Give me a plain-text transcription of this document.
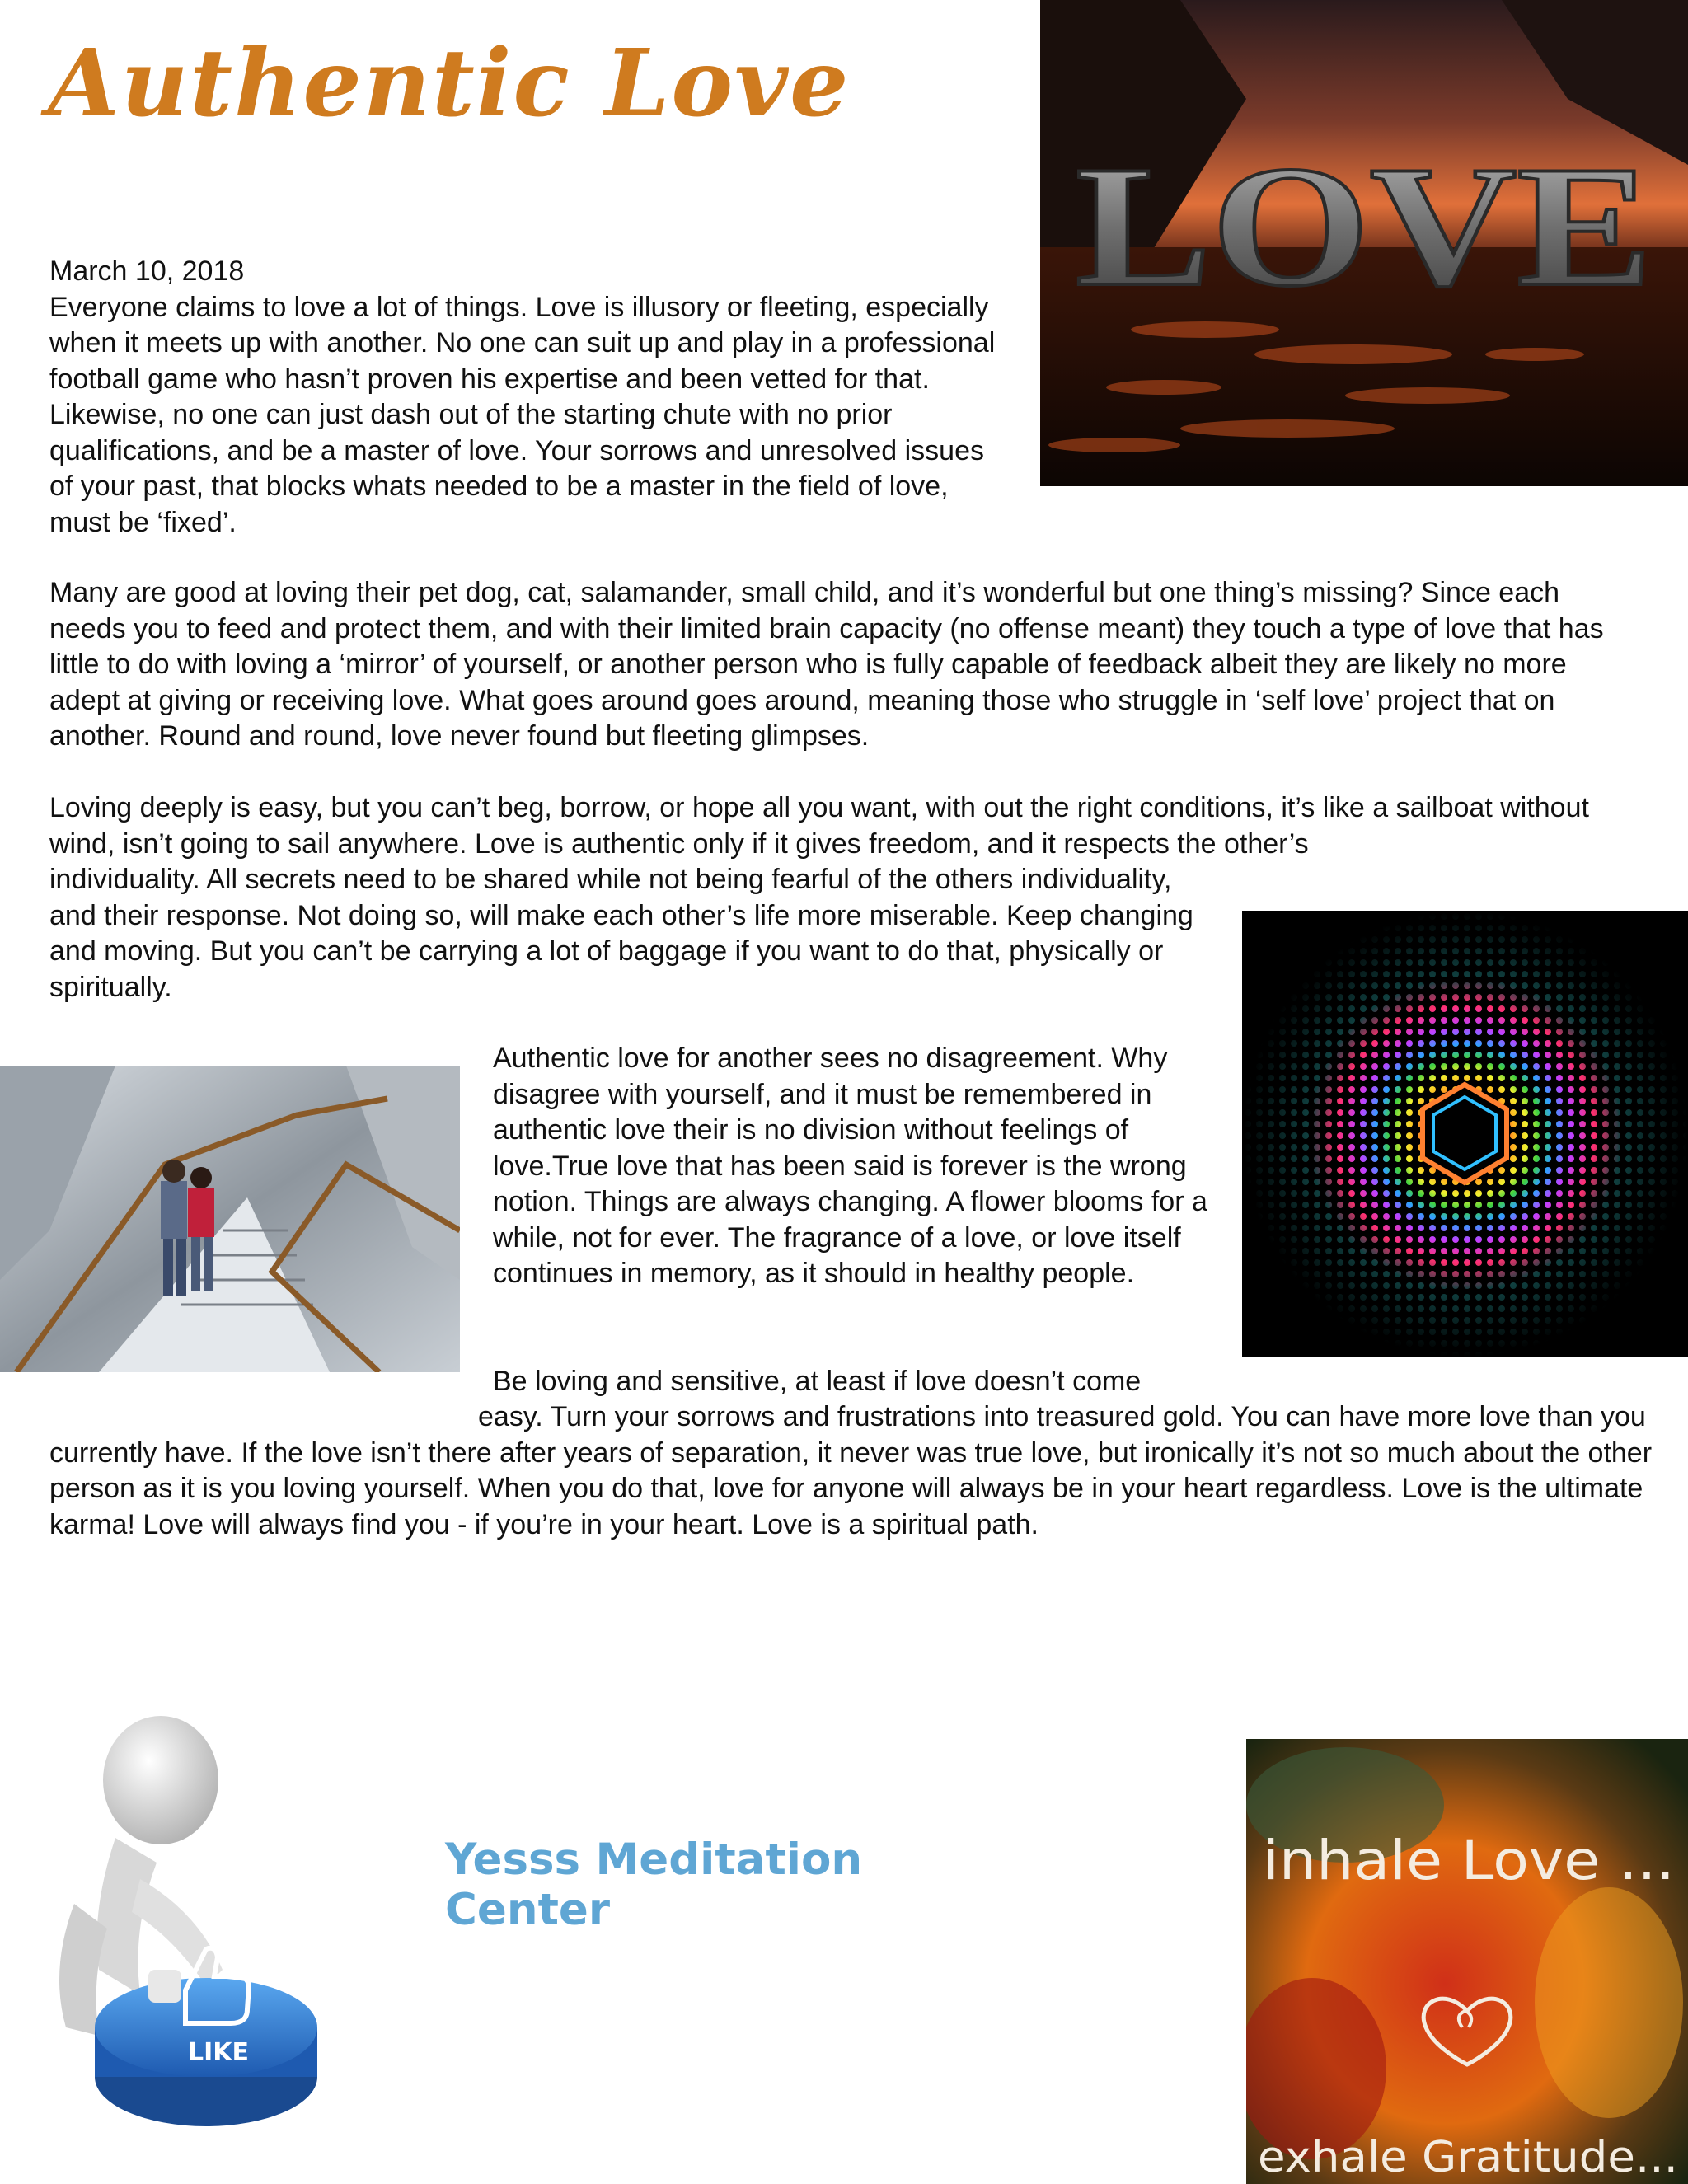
Authentic Love
LOVE
March 10, 2018
Everyone claims to love a lot of things. Love is illusory or fleeting, especially when it meets up with another. No one can suit up and play in a professional football game who hasn’t proven his expertise and been vetted for that. Likewise, no one can just dash out of the starting chute with no prior qualifications, and be a master of love. Your sorrows and unresolved issues of your past, that blocks whats needed to be a master in the field of love, must be ‘fixed’.

Many are good at loving their pet dog, cat, salamander, small child, and it’s wonderful but one thing’s missing? Since each needs you to feed and protect them, and with their limited brain capacity (no offense meant) they touch a type of love that has little to do with loving a ‘mirror’ of yourself, or another person who is fully capable of feedback albeit they are likely no more adept at giving or receiving love. What goes around goes around, meaning those who struggle in ‘self love’ project that on another. Round and round, love never found but fleeting glimpses.

Loving deeply is easy, but you can’t beg, borrow, or hope all you want, with out the right conditions, it’s like a sailboat without wind, isn’t going to sail anywhere. Love is authentic only if it gives freedom, and it respects the other’s

individuality. All secrets need to be shared while not being fearful of the others individuality, and their response. Not doing so, will make each other’s life more miserable. Keep changing and moving. But you can’t be carrying a lot of baggage if you want to do that, physically or spiritually.

Authentic love for another sees no disagreement. Why disagree with yourself, and it must be remembered in authentic love their is no division without feelings of love.True love that has been said is forever is the wrong notion. Things are always changing. A flower blooms for a while, not for ever. The fragrance of a love, or love itself continues in memory, as it should in healthy people.

Be loving and sensitive, at least if love doesn’t come

easy. Turn your sorrows and frustrations into treasured gold. You can have more love than you currently have. If the love isn’t there after years of separation, it never was true love, but ironically it’s not so much about the other person as it is you loving yourself. When you do that, love for anyone will always be in your heart regardless. Love is the ultimate karma! Love will always find you - if you’re in your heart. Love is a spiritual path.

LIKE

Yesss Meditation Center

inhale Love ...
exhale Gratitude...
